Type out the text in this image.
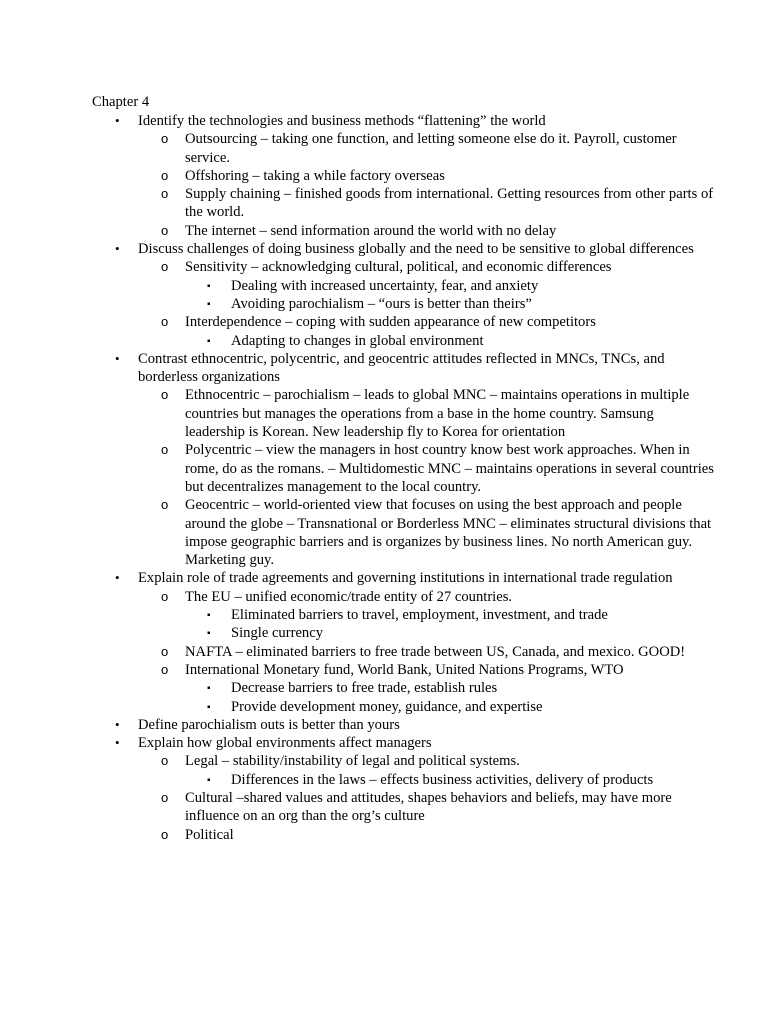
Chapter 4
• Identify the technologies and business methods “flattening” the world
o Outsourcing – taking one function, and letting someone else do it. Payroll, customer service.
o Offshoring – taking a while factory overseas
o Supply chaining – finished goods from international. Getting resources from other parts of the world.
o The internet – send information around the world with no delay
• Discuss challenges of doing business globally and the need to be sensitive to global differences
o Sensitivity – acknowledging cultural, political, and economic differences
▪ Dealing with increased uncertainty, fear, and anxiety
▪ Avoiding parochialism – “ours is better than theirs”
o Interdependence – coping with sudden appearance of new competitors
▪ Adapting to changes in global environment
• Contrast ethnocentric, polycentric, and geocentric attitudes reflected in MNCs, TNCs, and borderless organizations
o Ethnocentric – parochialism – leads to global MNC – maintains operations in multiple countries but manages the operations from a base in the home country. Samsung leadership is Korean. New leadership fly to Korea for orientation
o Polycentric – view the managers in host country know best work approaches. When in rome, do as the romans. – Multidomestic MNC – maintains operations in several countries but decentralizes management to the local country.
o Geocentric – world-oriented view that focuses on using the best approach and people around the globe – Transnational or Borderless MNC – eliminates structural divisions that impose geographic barriers and is organizes by business lines. No north American guy. Marketing guy.
• Explain role of trade agreements and governing institutions in international trade regulation
o The EU – unified economic/trade entity of 27 countries.
▪ Eliminated barriers to travel, employment, investment, and trade
▪ Single currency
o NAFTA – eliminated barriers to free trade between US, Canada, and mexico. GOOD!
o International Monetary fund, World Bank, United Nations Programs, WTO
▪ Decrease barriers to free trade, establish rules
▪ Provide development money, guidance, and expertise
• Define parochialism outs is better than yours
• Explain how global environments affect managers
o Legal – stability/instability of legal and political systems.
▪ Differences in the laws – effects business activities, delivery of products
o Cultural –shared values and attitudes, shapes behaviors and beliefs, may have more influence on an org than the org’s culture
o Political
